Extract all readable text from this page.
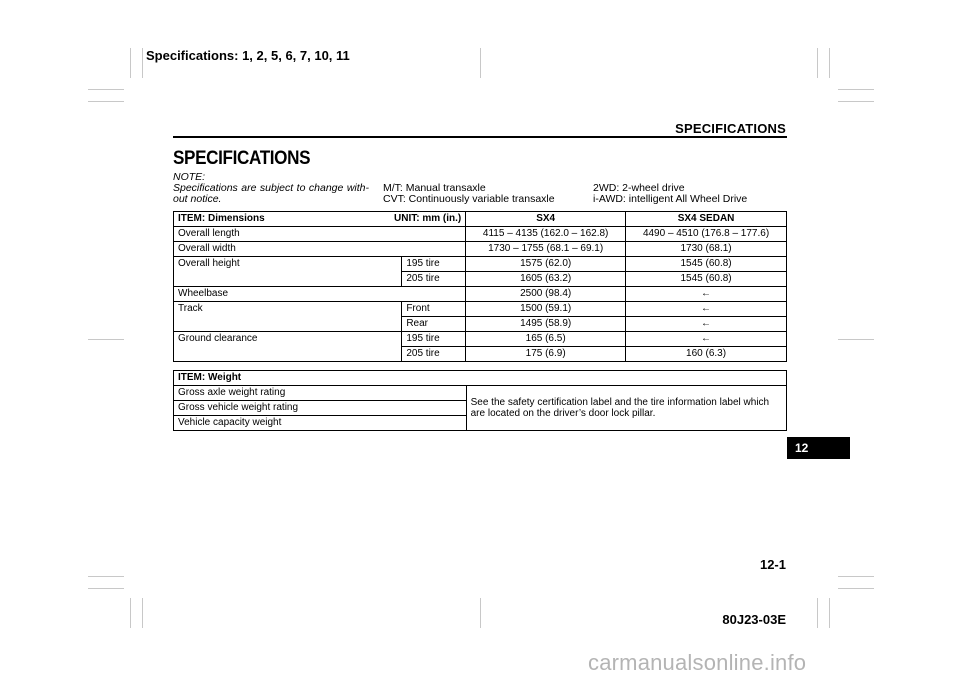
Specifications: 1, 2, 5, 6, 7, 10, 11
SPECIFICATIONS
SPECIFICATIONS
NOTE:
Specifications are subject to change with-
out notice.

M/T: Manual transaxle
CVT: Continuously variable transaxle

2WD: 2-wheel drive
i-AWD: intelligent All Wheel Drive
ITEM: Dimensions UNIT: mm (in.)		SX4	SX4 SEDAN
Overall length		4115 – 4135 (162.0 – 162.8)	4490 – 4510 (176.8 – 177.6)
Overall width		1730 – 1755 (68.1 – 69.1)	1730 (68.1)
Overall height	195 tire	1575 (62.0)	1545 (60.8)
	205 tire	1605 (63.2)	1545 (60.8)
Wheelbase		2500 (98.4)	←
Track	Front	1500 (59.1)	←
	Rear	1495 (58.9)	←
Ground clearance	195 tire	165 (6.5)	←
	205 tire	175 (6.9)	160 (6.3)
ITEM: Weight
Gross axle weight rating	See the safety certification label and the tire information label which are located on the driver’s door lock pillar.
Gross vehicle weight rating
Vehicle capacity weight
12
12-1
80J23-03E
carmanualsonline.info
